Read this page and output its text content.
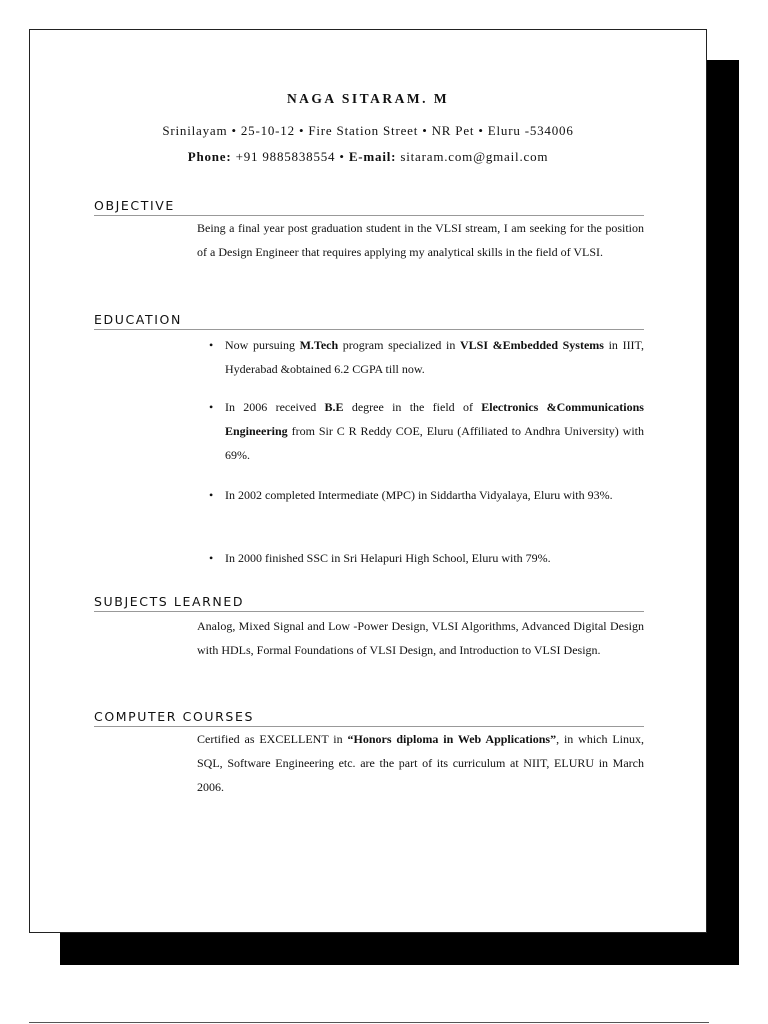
NAGA SITARAM. M
Srinilayam • 25-10-12 • Fire Station Street • NR Pet • Eluru -534006
Phone: +91 9885838554 • E-mail: sitaram.com@gmail.com
OBJECTIVE
Being a final year post graduation student in the VLSI stream, I am seeking for the position of a Design Engineer that requires applying my analytical skills in the field of VLSI.
EDUCATION
• Now pursuing M.Tech program specialized in VLSI &Embedded Systems in IIIT, Hyderabad &obtained 6.2 CGPA till now.
• In 2006 received B.E degree in the field of Electronics &Communications Engineering from Sir C R Reddy COE, Eluru (Affiliated to Andhra University) with 69%.
• In 2002 completed Intermediate (MPC) in Siddartha Vidyalaya, Eluru with 93%.
• In 2000 finished SSC in Sri Helapuri High School, Eluru with 79%.
SUBJECTS LEARNED
Analog, Mixed Signal and Low -Power Design, VLSI Algorithms, Advanced Digital Design with HDLs, Formal Foundations of VLSI Design, and Introduction to VLSI Design.
COMPUTER COURSES
Certified as EXCELLENT in “Honors diploma in Web Applications”, in which Linux, SQL, Software Engineering etc. are the part of its curriculum at NIIT, ELURU in March 2006.
